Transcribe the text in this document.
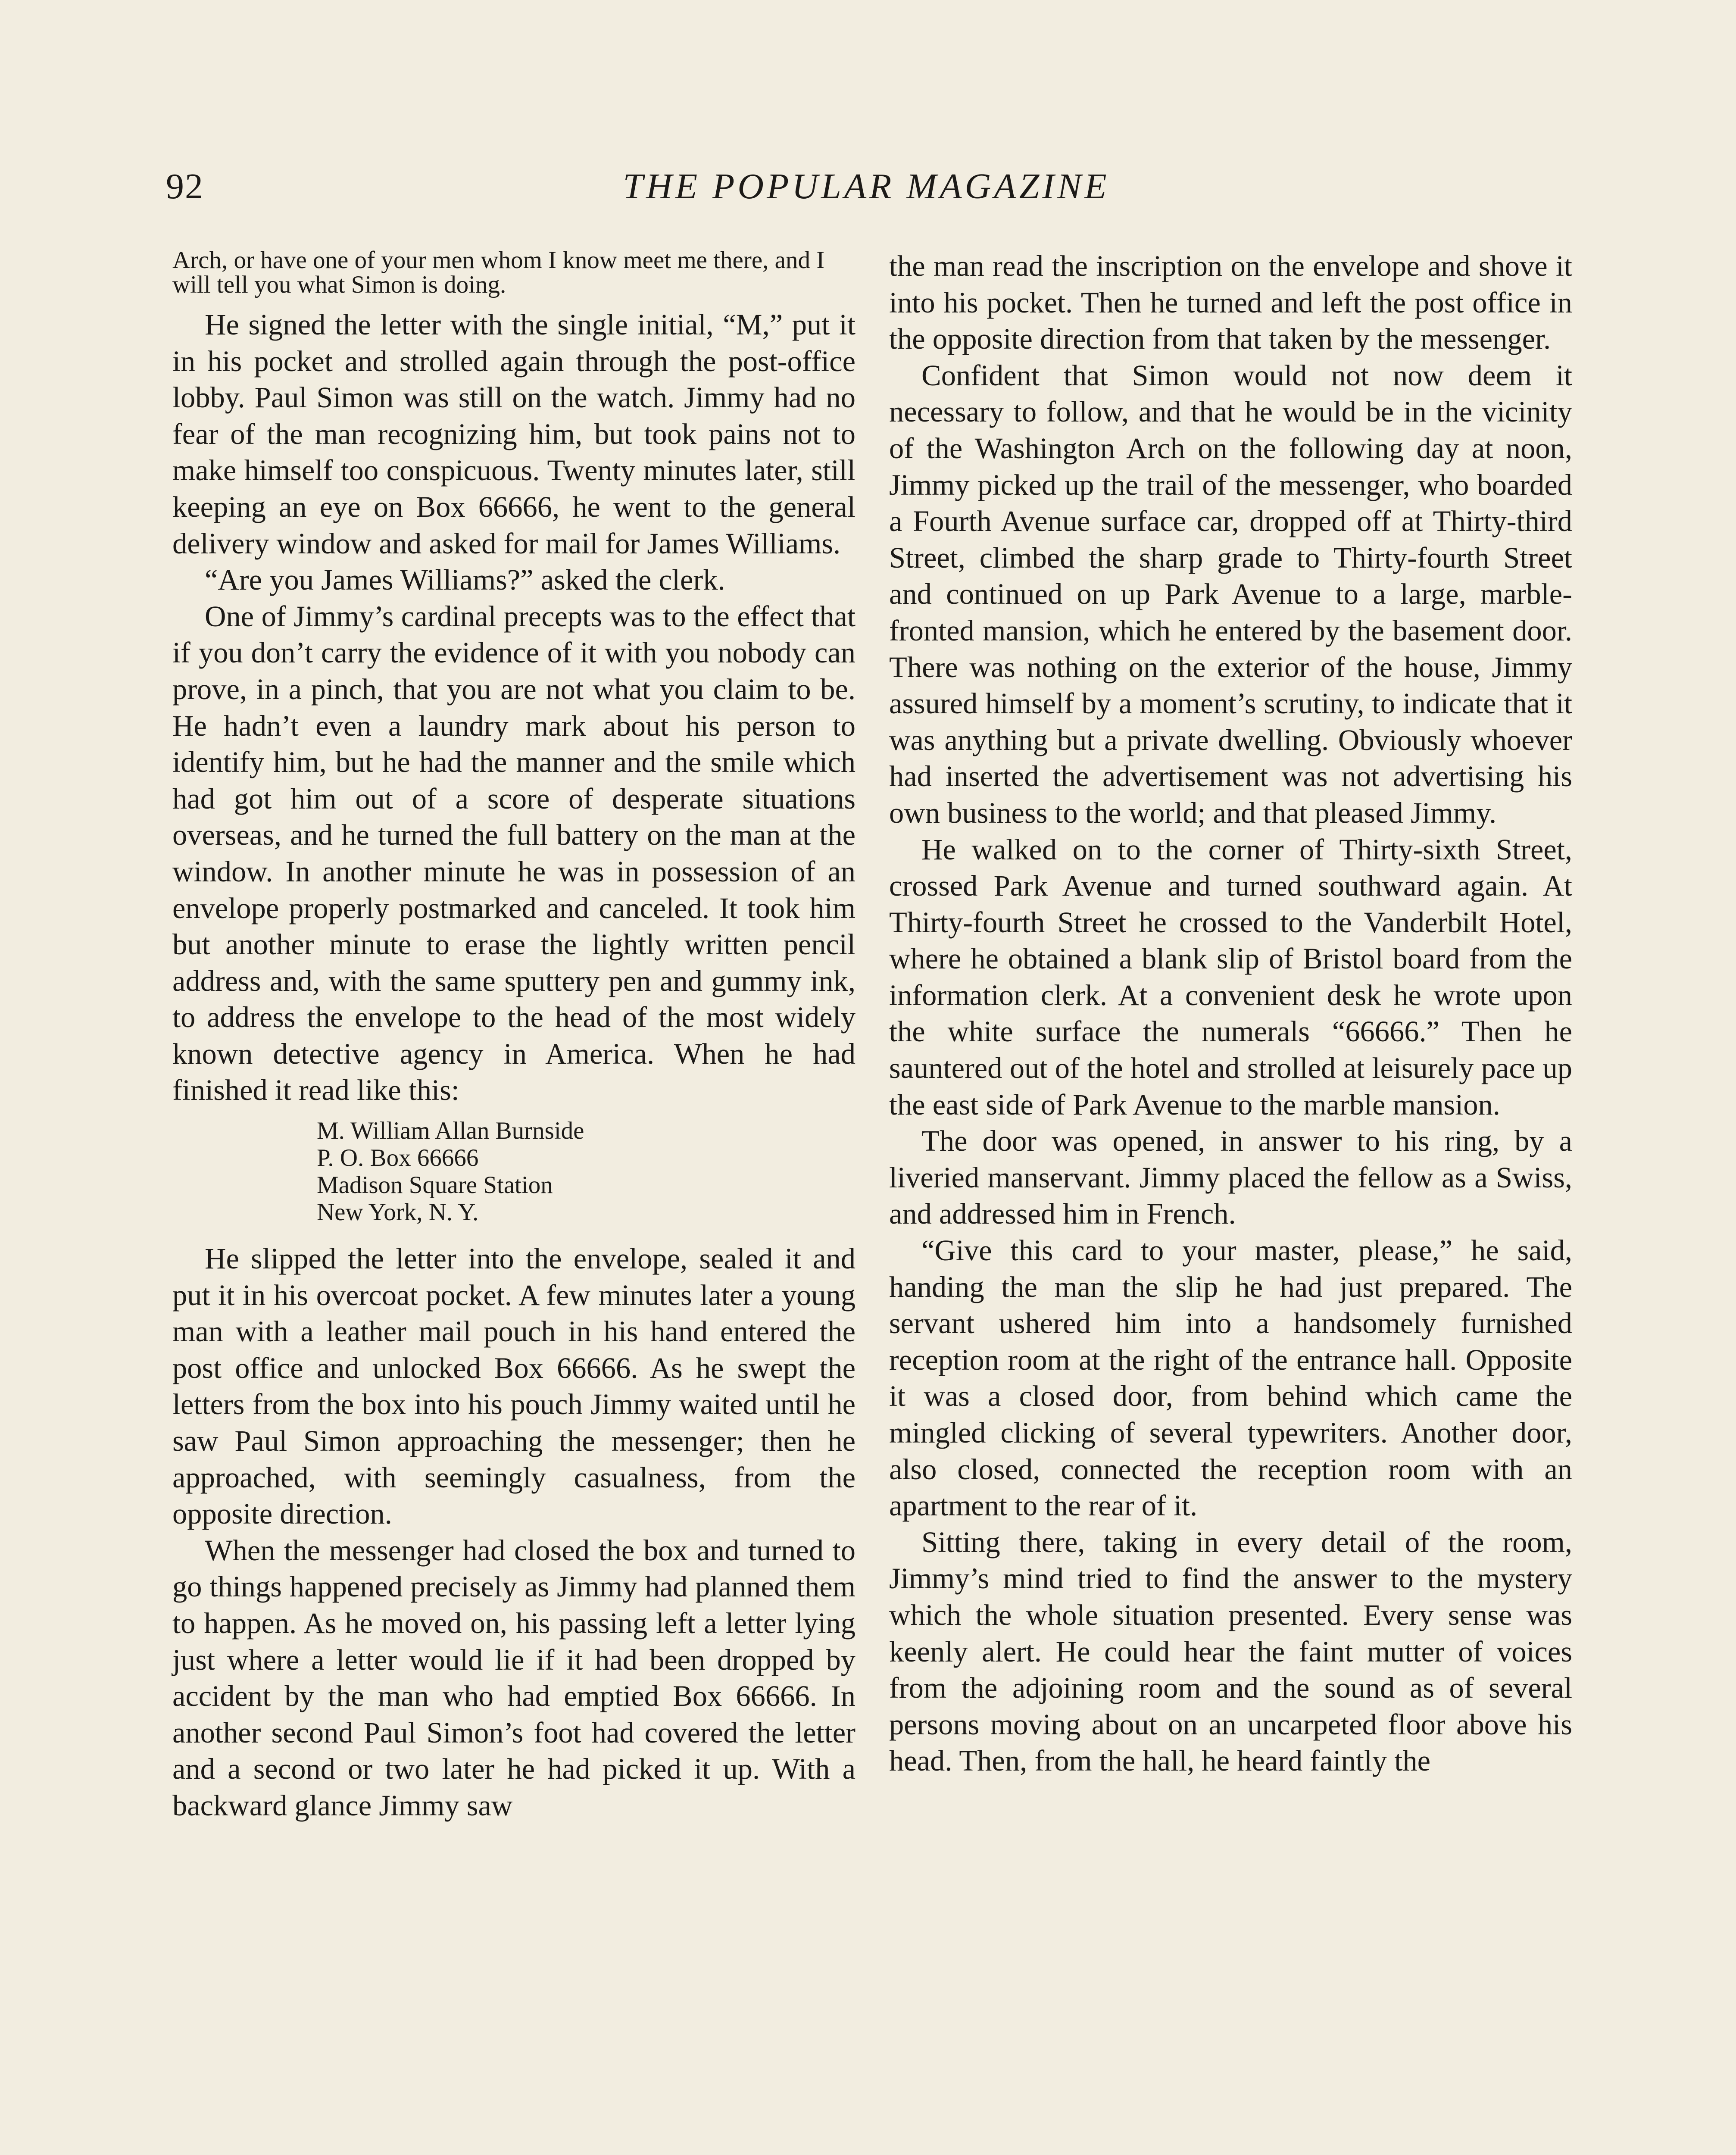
92	THE POPULAR MAGAZINE

Arch, or have one of your men whom I know meet me there, and I will tell you what Simon is doing.

He signed the letter with the single initial, “M,” put it in his pocket and strolled again through the post-office lobby. Paul Simon was still on the watch. Jimmy had no fear of the man recognizing him, but took pains not to make himself too conspicuous. Twenty minutes later, still keeping an eye on Box 66666, he went to the general delivery window and asked for mail for James Williams.

“Are you James Williams?” asked the clerk.

One of Jimmy’s cardinal precepts was to the effect that if you don’t carry the evidence of it with you nobody can prove, in a pinch, that you are not what you claim to be. He hadn’t even a laundry mark about his person to identify him, but he had the manner and the smile which had got him out of a score of desperate situations overseas, and he turned the full battery on the man at the window. In another minute he was in possession of an envelope properly postmarked and canceled. It took him but another minute to erase the lightly written pencil address and, with the same sputtery pen and gummy ink, to address the envelope to the head of the most widely known detective agency in America. When he had finished it read like this:

M. William Allan Burnside
P. O. Box 66666
Madison Square Station
New York, N. Y.

He slipped the letter into the envelope, sealed it and put it in his overcoat pocket. A few minutes later a young man with a leather mail pouch in his hand entered the post office and unlocked Box 66666. As he swept the letters from the box into his pouch Jimmy waited until he saw Paul Simon approaching the messenger; then he approached, with seemingly casualness, from the opposite direction.

When the messenger had closed the box and turned to go things happened precisely as Jimmy had planned them to happen. As he moved on, his passing left a letter lying just where a letter would lie if it had been dropped by accident by the man who had emptied Box 66666. In another second Paul Simon’s foot had covered the letter and a second or two later he had picked it up. With a backward glance Jimmy saw

the man read the inscription on the envelope and shove it into his pocket. Then he turned and left the post office in the opposite direction from that taken by the messenger.

Confident that Simon would not now deem it necessary to follow, and that he would be in the vicinity of the Washington Arch on the following day at noon, Jimmy picked up the trail of the messenger, who boarded a Fourth Avenue surface car, dropped off at Thirty-third Street, climbed the sharp grade to Thirty-fourth Street and continued on up Park Avenue to a large, marble-fronted mansion, which he entered by the basement door. There was nothing on the exterior of the house, Jimmy assured himself by a moment’s scrutiny, to indicate that it was anything but a private dwelling. Obviously whoever had inserted the advertisement was not advertising his own business to the world; and that pleased Jimmy.

He walked on to the corner of Thirty-sixth Street, crossed Park Avenue and turned southward again. At Thirty-fourth Street he crossed to the Vanderbilt Hotel, where he obtained a blank slip of Bristol board from the information clerk. At a convenient desk he wrote upon the white surface the numerals “66666.” Then he sauntered out of the hotel and strolled at leisurely pace up the east side of Park Avenue to the marble mansion.

The door was opened, in answer to his ring, by a liveried manservant. Jimmy placed the fellow as a Swiss, and addressed him in French.

“Give this card to your master, please,” he said, handing the man the slip he had just prepared. The servant ushered him into a handsomely furnished reception room at the right of the entrance hall. Opposite it was a closed door, from behind which came the mingled clicking of several typewriters. Another door, also closed, connected the reception room with an apartment to the rear of it.

Sitting there, taking in every detail of the room, Jimmy’s mind tried to find the answer to the mystery which the whole situation presented. Every sense was keenly alert. He could hear the faint mutter of voices from the adjoining room and the sound as of several persons moving about on an uncarpeted floor above his head. Then, from the hall, he heard faintly the
